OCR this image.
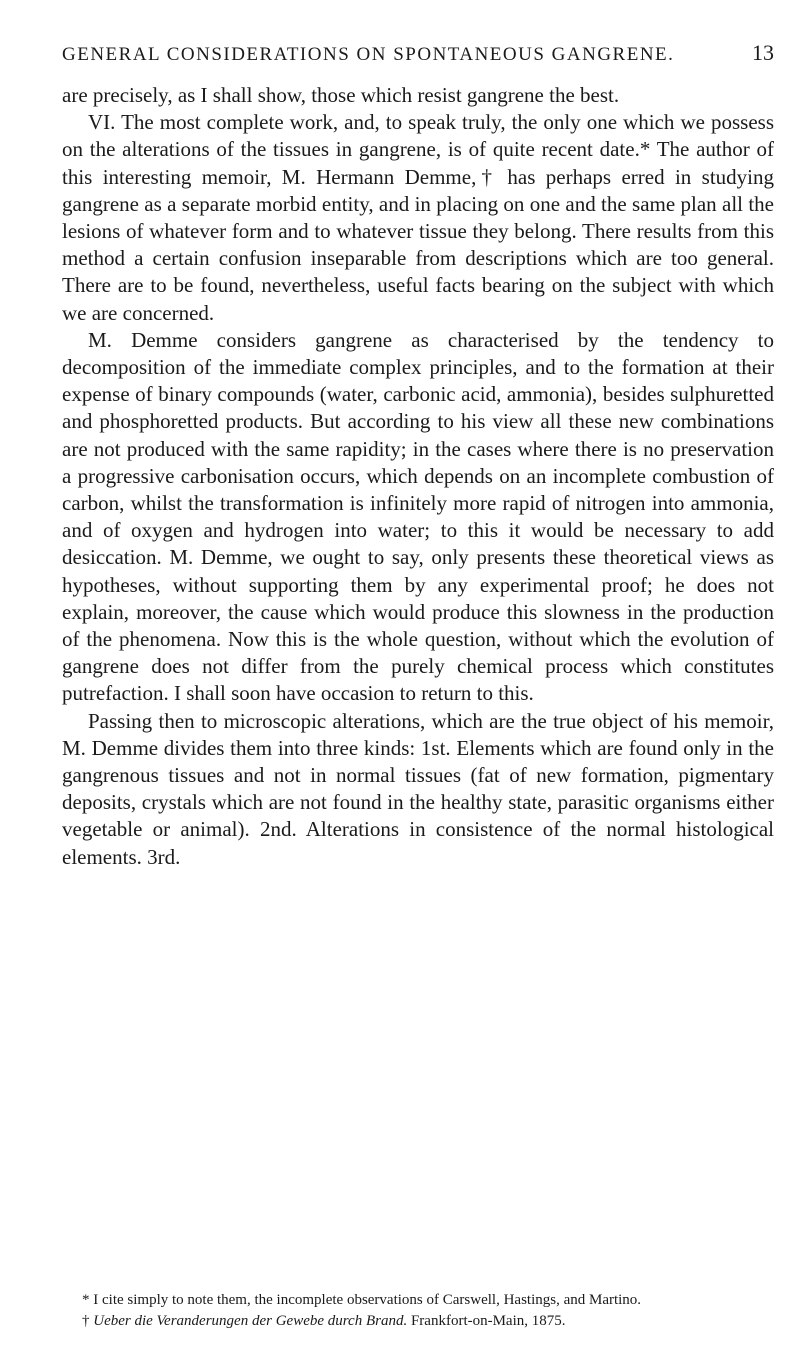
GENERAL CONSIDERATIONS ON SPONTANEOUS GANGRENE.	13

are precisely, as I shall show, those which resist gangrene the best.

VI. The most complete work, and, to speak truly, the only one which we possess on the alterations of the tissues in gangrene, is of quite recent date.* The author of this interesting memoir, M. Hermann Demme,† has perhaps erred in studying gangrene as a separate morbid entity, and in placing on one and the same plan all the lesions of whatever form and to whatever tissue they belong. There results from this method a certain confusion inseparable from descriptions which are too general. There are to be found, nevertheless, useful facts bearing on the subject with which we are concerned.

M. Demme considers gangrene as characterised by the tendency to decomposition of the immediate complex principles, and to the formation at their expense of binary compounds (water, carbonic acid, ammonia), besides sulphuretted and phosphoretted products. But according to his view all these new combinations are not produced with the same rapidity; in the cases where there is no preservation a progressive carbonisation occurs, which depends on an incomplete combustion of carbon, whilst the transformation is infinitely more rapid of nitrogen into ammonia, and of oxygen and hydrogen into water; to this it would be necessary to add desiccation. M. Demme, we ought to say, only presents these theoretical views as hypotheses, without supporting them by any experimental proof; he does not explain, moreover, the cause which would produce this slowness in the production of the phenomena. Now this is the whole question, without which the evolution of gangrene does not differ from the purely chemical process which constitutes putrefaction. I shall soon have occasion to return to this.

Passing then to microscopic alterations, which are the true object of his memoir, M. Demme divides them into three kinds: 1st. Elements which are found only in the gangrenous tissues and not in normal tissues (fat of new formation, pigmentary deposits, crystals which are not found in the healthy state, parasitic organisms either vegetable or animal). 2nd. Alterations in consistence of the normal histological elements. 3rd.

* I cite simply to note them, the incomplete observations of Carswell, Hastings, and Martino.

† Ueber die Veranderungen der Gewebe durch Brand. Frankfort-on-Main, 1875.
